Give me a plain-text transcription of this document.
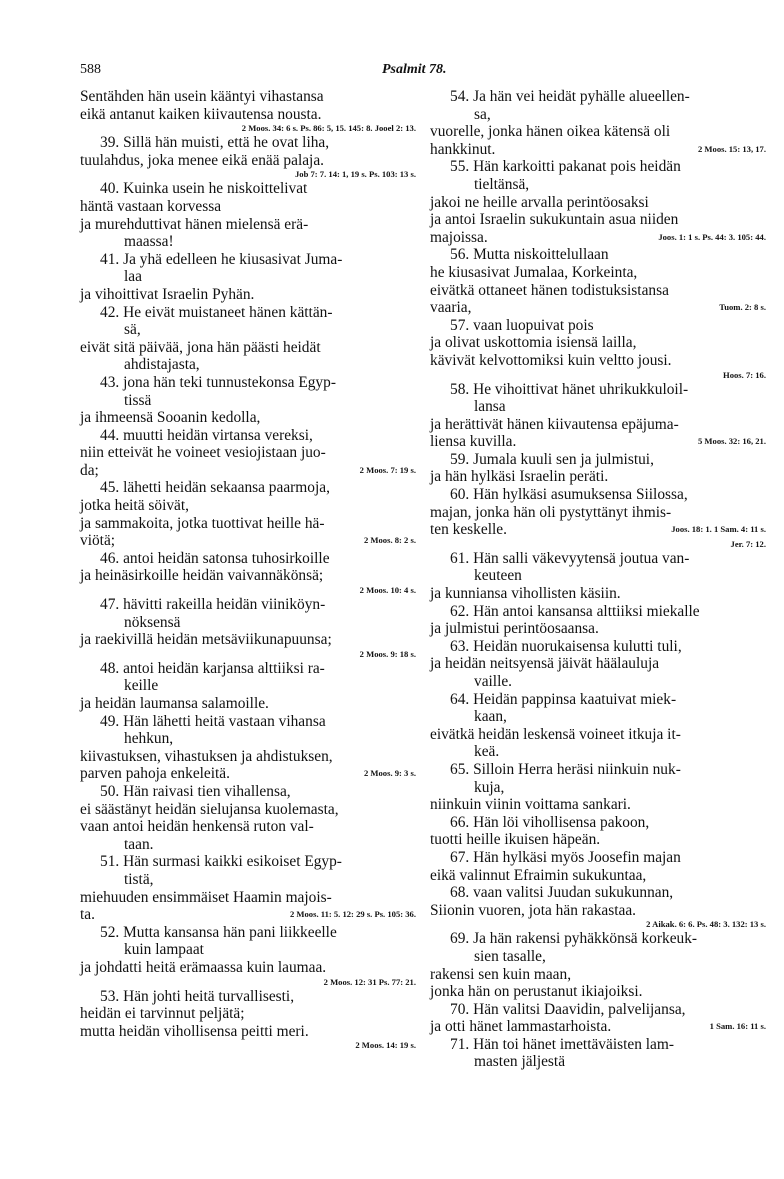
588	Psalmit 78.

Sentähden hän usein kääntyi vihastansa

eikä antanut kaiken kiivautensa nousta.

2 Moos. 34: 6 s. Ps. 86: 5, 15. 145: 8. Jooel 2: 13.

39. Sillä hän muisti, että he ovat liha,

tuulahdus, joka menee eikä enää palaja.

Job 7: 7. 14: 1, 19 s. Ps. 103: 13 s.

40. Kuinka usein he niskoittelivat

häntä vastaan korvessa

ja murehduttivat hänen mielensä erä-

maassa!

41. Ja yhä edelleen he kiusasivat Juma-

laa

ja vihoittivat Israelin Pyhän.

42. He eivät muistaneet hänen kättän-

sä,

eivät sitä päivää, jona hän päästi heidät

ahdistajasta,

43. jona hän teki tunnustekonsa Egyp-

tissä

ja ihmeensä Sooanin kedolla,

44. muutti heidän virtansa vereksi,

niin etteivät he voineet vesiojistaan juo-

da;	2 Moos. 7: 19 s.

45. lähetti heidän sekaansa paarmoja,

jotka heitä söivät,

ja sammakoita, jotka tuottivat heille hä-

viötä;	2 Moos. 8: 2 s.

46. antoi heidän satonsa tuhosirkoille

ja heinäsirkoille heidän vaivannäkönsä;

2 Moos. 10: 4 s.

47. hävitti rakeilla heidän viiniköyn-

nöksensä

ja raekivillä heidän metsäviikunapuunsa;

2 Moos. 9: 18 s.

48. antoi heidän karjansa alttiiksi ra-

keille

ja heidän laumansa salamoille.

49. Hän lähetti heitä vastaan vihansa

hehkun,

kiivastuksen, vihastuksen ja ahdistuksen,

parven pahoja enkeleitä.	2 Moos. 9: 3 s.

50. Hän raivasi tien vihallensa,

ei säästänyt heidän sielujansa kuolemasta,

vaan antoi heidän henkensä ruton val-

taan.

51. Hän surmasi kaikki esikoiset Egyp-

tistä,

miehuuden ensimmäiset Haamin majois-

ta.	2 Moos. 11: 5. 12: 29 s. Ps. 105: 36.

52. Mutta kansansa hän pani liikkeelle

kuin lampaat

ja johdatti heitä erämaassa kuin laumaa.

2 Moos. 12: 31 Ps. 77: 21.

53. Hän johti heitä turvallisesti,

heidän ei tarvinnut peljätä;

mutta heidän vihollisensa peitti meri.

2 Moos. 14: 19 s.

54. Ja hän vei heidät pyhälle alueellen-

sa,

vuorelle, jonka hänen oikea kätensä oli

hankkinut.	2 Moos. 15: 13, 17.

55. Hän karkoitti pakanat pois heidän

tieltänsä,

jakoi ne heille arvalla perintöosaksi

ja antoi Israelin sukukuntain asua niiden

majoissa.	Joos. 1: 1 s. Ps. 44: 3. 105: 44.

56. Mutta niskoittelullaan

he kiusasivat Jumalaa, Korkeinta,

eivätkä ottaneet hänen todistuksistansa

vaaria,	Tuom. 2: 8 s.

57. vaan luopuivat pois

ja olivat uskottomia isiensä lailla,

kävivät kelvottomiksi kuin veltto jousi.

Hoos. 7: 16.

58. He vihoittivat hänet uhrikukkuloil-

lansa

ja herättivät hänen kiivautensa epäjuma-

liensa kuvilla.	5 Moos. 32: 16, 21.

59. Jumala kuuli sen ja julmistui,

ja hän hylkäsi Israelin peräti.

60. Hän hylkäsi asumuksensa Siilossa,

majan, jonka hän oli pystyttänyt ihmis-

ten keskelle.	Joos. 18: 1. 1 Sam. 4: 11 s.

Jer. 7: 12.

61. Hän salli väkevyytensä joutua van-

keuteen

ja kunniansa vihollisten käsiin.

62. Hän antoi kansansa alttiiksi miekalle

ja julmistui perintöosaansa.

63. Heidän nuorukaisensa kulutti tuli,

ja heidän neitsyensä jäivät häälauluja

vaille.

64. Heidän pappinsa kaatuivat miek-

kaan,

eivätkä heidän leskensä voineet itkuja it-

keä.

65. Silloin Herra heräsi niinkuin nuk-

kuja,

niinkuin viinin voittama sankari.

66. Hän löi vihollisensa pakoon,

tuotti heille ikuisen häpeän.

67. Hän hylkäsi myös Joosefin majan

eikä valinnut Efraimin sukukuntaa,

68. vaan valitsi Juudan sukukunnan,

Siionin vuoren, jota hän rakastaa.

2 Aikak. 6: 6. Ps. 48: 3. 132: 13 s.

69. Ja hän rakensi pyhäkkönsä korkeuk-

sien tasalle,

rakensi sen kuin maan,

jonka hän on perustanut ikiajoiksi.

70. Hän valitsi Daavidin, palvelijansa,

ja otti hänet lammastarhoista.	1 Sam. 16: 11 s.

71. Hän toi hänet imettäväisten lam-

masten jäljestä
